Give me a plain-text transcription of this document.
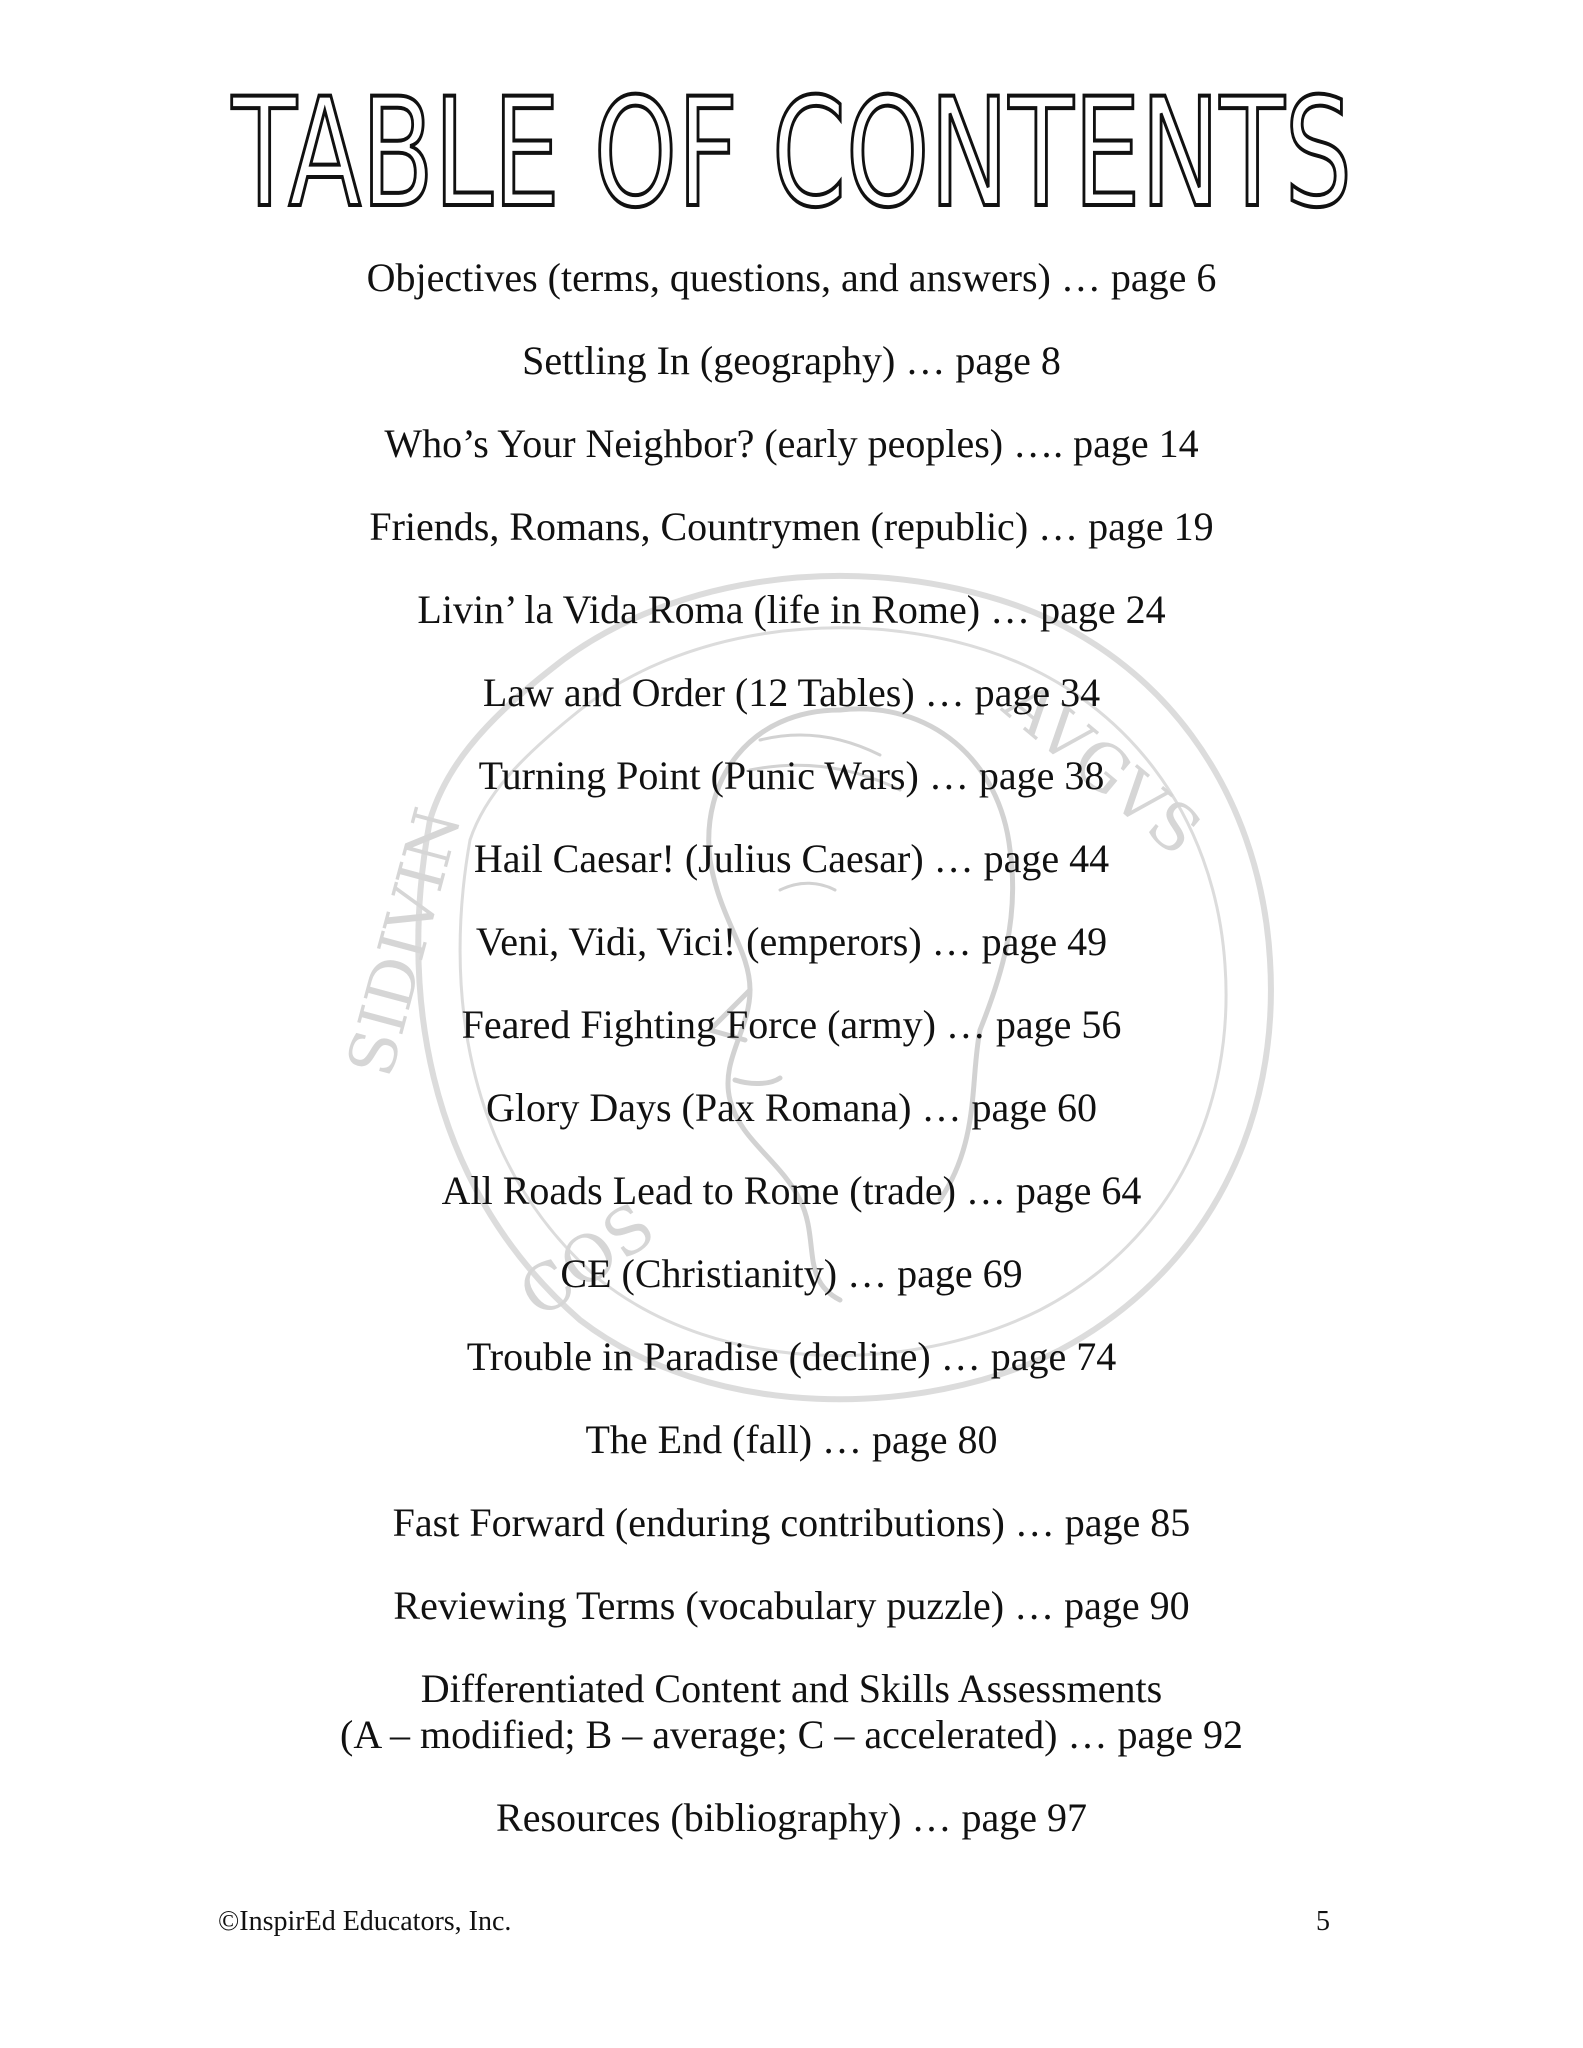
SIDIVIN
AVGVS
COS
TABLE OF CONTENTS
Objectives (terms, questions, and answers) … page 6
Settling In (geography) … page 8
Who’s Your Neighbor? (early peoples) …. page 14
Friends, Romans, Countrymen (republic) … page 19
Livin’ la Vida Roma (life in Rome) … page 24
Law and Order (12 Tables) … page 34
Turning Point (Punic Wars) … page 38
Hail Caesar! (Julius Caesar) … page 44
Veni, Vidi, Vici! (emperors) … page 49
Feared Fighting Force (army) … page 56
Glory Days (Pax Romana) … page 60
All Roads Lead to Rome (trade) … page 64
CE (Christianity) … page 69
Trouble in Paradise (decline) … page 74
The End (fall) … page 80
Fast Forward (enduring contributions) … page 85
Reviewing Terms (vocabulary puzzle) … page 90
Differentiated Content and Skills Assessments
(A – modified; B – average; C – accelerated) … page 92
Resources (bibliography) … page 97
©InspirEd Educators, Inc.	5
